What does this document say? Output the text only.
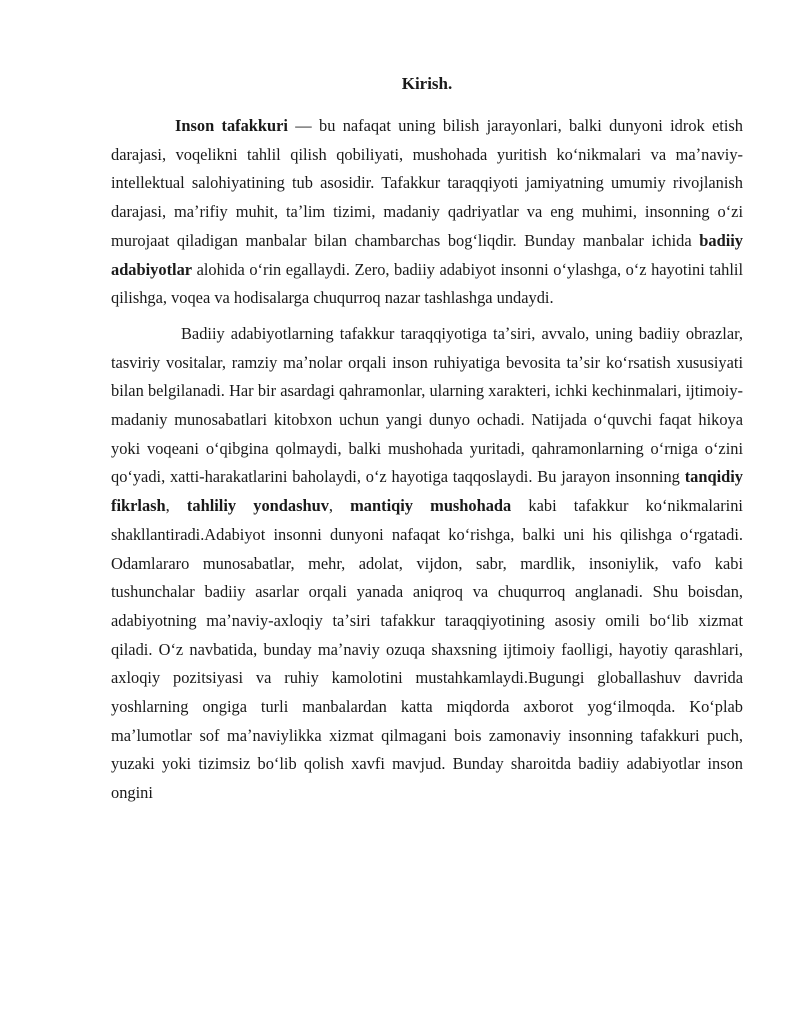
Kirish.

Inson tafakkuri — bu nafaqat uning bilish jarayonlari, balki dunyoni idrok etish darajasi, voqelikni tahlil qilish qobiliyati, mushohada yuritish koʻnikmalari va maʼnaviy-intellektual salohiyatining tub asosidir. Tafakkur taraqqiyoti jamiyatning umumiy rivojlanish darajasi, maʼrifiy muhit, taʼlim tizimi, madaniy qadriyatlar va eng muhimi, insonning oʻzi murojaat qiladigan manbalar bilan chambarchas bogʻliqdir. Bunday manbalar ichida badiiy adabiyotlar alohida oʻrin egallaydi. Zero, badiiy adabiyot insonni oʻylashga, oʻz hayotini tahlil qilishga, voqea va hodisalarga chuqurroq nazar tashlashga undaydi.

Badiiy adabiyotlarning tafakkur taraqqiyotiga taʼsiri, avvalo, uning badiiy obrazlar, tasviriy vositalar, ramziy maʼnolar orqali inson ruhiyatiga bevosita taʼsir koʻrsatish xususiyati bilan belgilanadi. Har bir asardagi qahramonlar, ularning xarakteri, ichki kechinmalari, ijtimoiy-madaniy munosabatlari kitobxon uchun yangi dunyo ochadi. Natijada oʻquvchi faqat hikoya yoki voqeani oʻqibgina qolmaydi, balki mushohada yuritadi, qahramonlarning oʻrniga oʻzini qoʻyadi, xatti-harakatlarini baholaydi, oʻz hayotiga taqqoslaydi. Bu jarayon insonning tanqidiy fikrlash, tahliliy yondashuv, mantiqiy mushohada kabi tafakkur koʻnikmalarini shakllantiradi.Adabiyot insonni dunyoni nafaqat koʻrishga, balki uni his qilishga oʻrgatadi. Odamlararo munosabatlar, mehr, adolat, vijdon, sabr, mardlik, insoniylik, vafo kabi tushunchalar badiiy asarlar orqali yanada aniqroq va chuqurroq anglanadi. Shu boisdan, adabiyotning maʼnaviy-axloqiy taʼsiri tafakkur taraqqiyotining asosiy omili boʻlib xizmat qiladi. Oʻz navbatida, bunday maʼnaviy ozuqa shaxsning ijtimoiy faolligi, hayotiy qarashlari, axloqiy pozitsiyasi va ruhiy kamolotini mustahkamlaydi.Bugungi globallashuv davrida yoshlarning ongiga turli manbalardan katta miqdorda axborot yogʻilmoqda. Koʻplab maʼlumotlar sof maʼnaviylikka xizmat qilmagani bois zamonaviy insonning tafakkuri puch, yuzaki yoki tizimsiz boʻlib qolish xavfi mavjud. Bunday sharoitda badiiy adabiyotlar inson ongini
